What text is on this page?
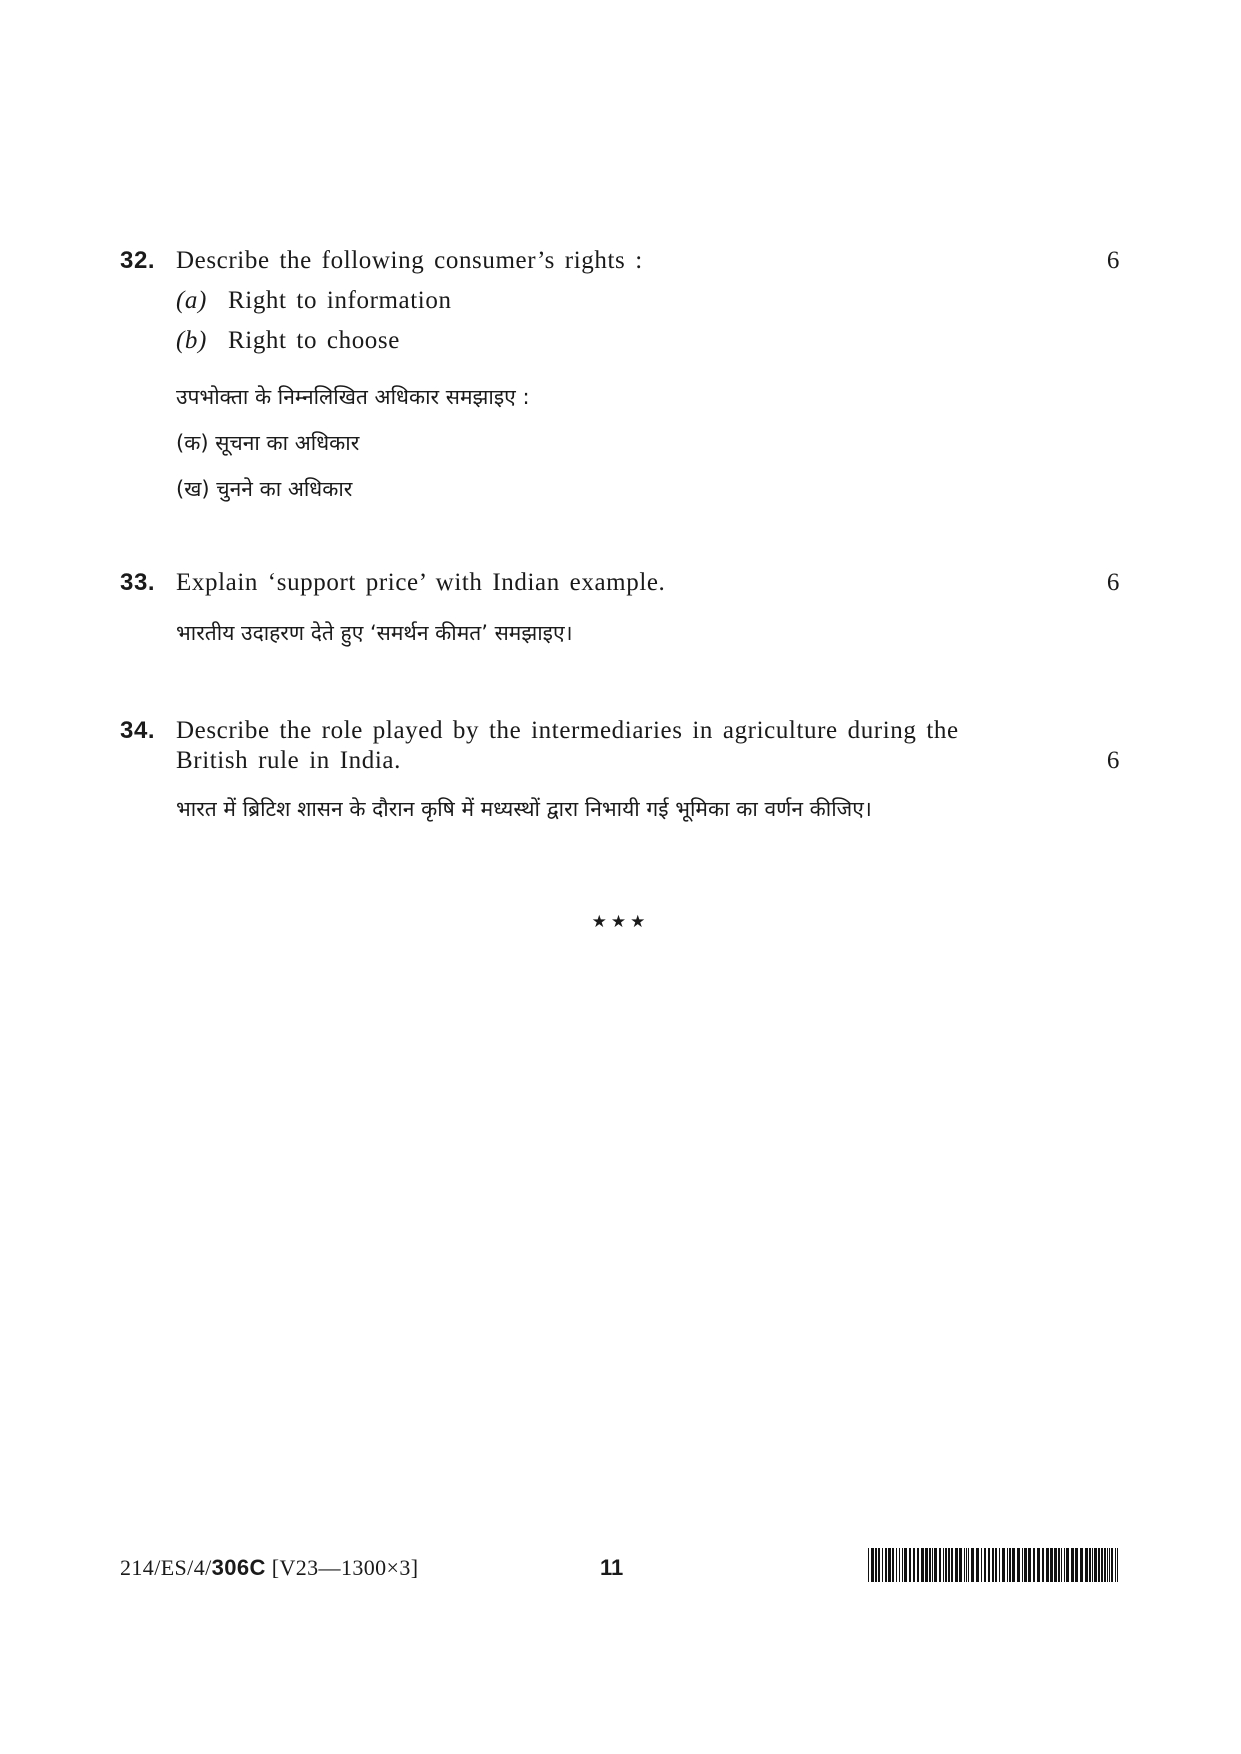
32. Describe the following consumer’s rights :	6
(a) Right to information
(b) Right to choose
उपभोक्ता के निम्नलिखित अधिकार समझाइए :
(क) सूचना का अधिकार
(ख) चुनने का अधिकार
33. Explain ‘support price’ with Indian example.	6
भारतीय उदाहरण देते हुए ‘समर्थन कीमत’ समझाइए।
34. Describe the role played by the intermediaries in agriculture during the
British rule in India.	6
भारत में ब्रिटिश शासन के दौरान कृषि में मध्यस्थों द्वारा निभायी गई भूमिका का वर्णन कीजिए।
★★★
214/ES/4/306C [V23—1300×3]	11
